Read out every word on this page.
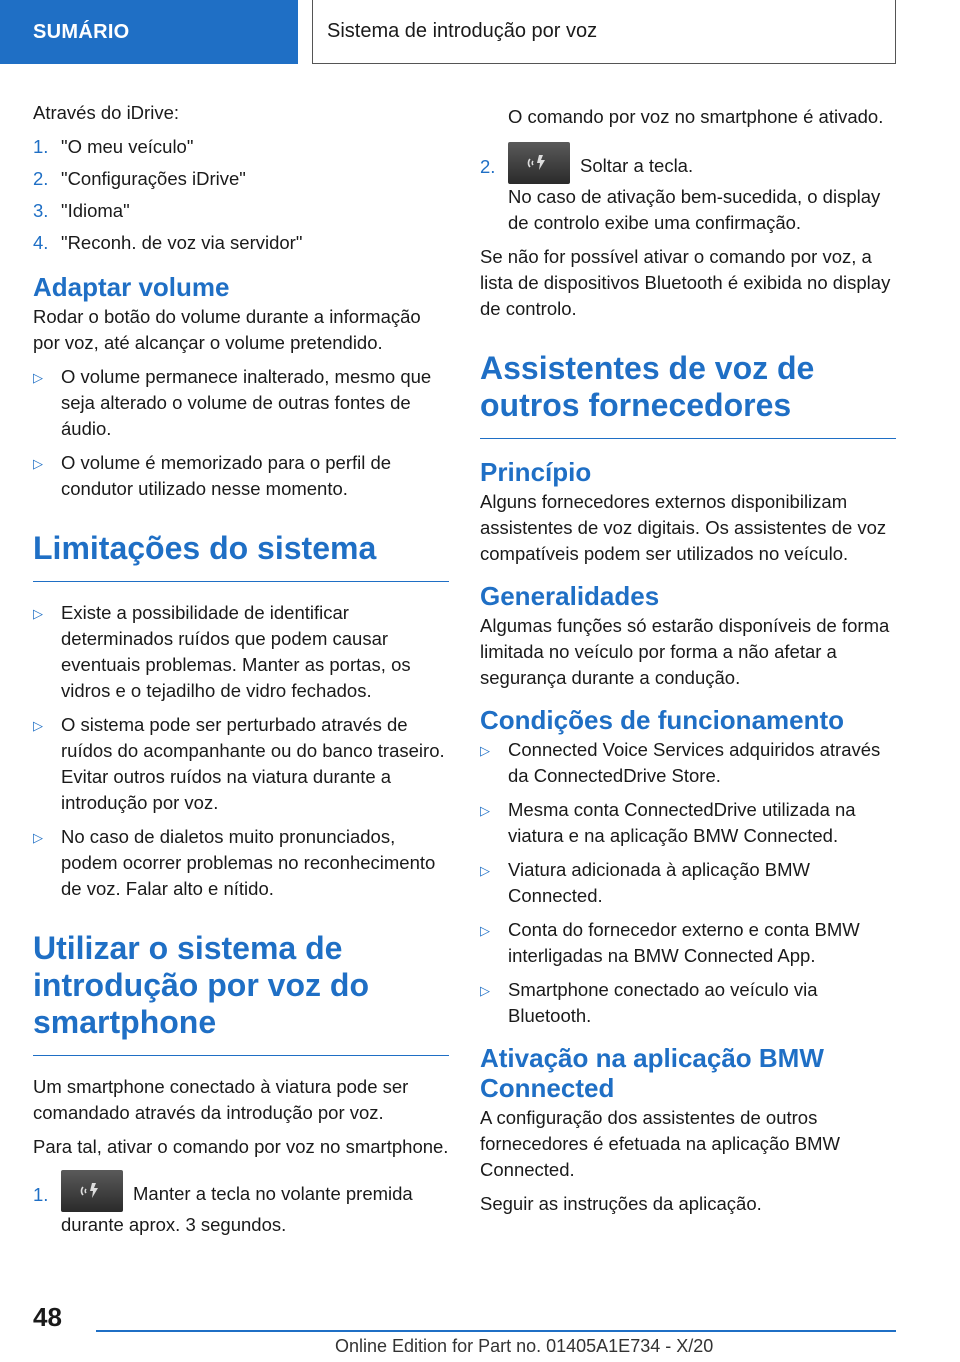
SUMÁRIO	Sistema de introdução por voz

Através do iDrive:

1. "O meu veículo"
2. "Configurações iDrive"
3. "Idioma"
4. "Reconh. de voz via servidor"
Adaptar volume

Rodar o botão do volume durante a informação por voz, até alcançar o volume pretendido.

▷ O volume permanece inalterado, mesmo que seja alterado o volume de outras fontes de áudio.
▷ O volume é memorizado para o perfil de condutor utilizado nesse momento.
Limitações do sistema
▷ Existe a possibilidade de identificar determinados ruídos que podem causar eventuais problemas. Manter as portas, os vidros e o tejadilho de vidro fechados.
▷ O sistema pode ser perturbado através de ruídos do acompanhante ou do banco traseiro. Evitar outros ruídos na viatura durante a introdução por voz.
▷ No caso de dialetos muito pronunciados, podem ocorrer problemas no reconhecimento de voz. Falar alto e nítido.
Utilizar o sistema de introdução por voz do smartphone

Um smartphone conectado à viatura pode ser comandado através da introdução por voz.

Para tal, ativar o comando por voz no smartphone.

1.	Manter a tecla no volante premida durante aprox. 3 segundos.

O comando por voz no smartphone é ativado.

2.	Soltar a tecla.

No caso de ativação bem-sucedida, o display de controlo exibe uma confirmação.

Se não for possível ativar o comando por voz, a lista de dispositivos Bluetooth é exibida no display de controlo.

Assistentes de voz de outros fornecedores
Princípio

Alguns fornecedores externos disponibilizam assistentes de voz digitais. Os assistentes de voz compatíveis podem ser utilizados no veículo.

Generalidades

Algumas funções só estarão disponíveis de forma limitada no veículo por forma a não afetar a segurança durante a condução.

Condições de funcionamento
▷ Connected Voice Services adquiridos através da ConnectedDrive Store.
▷ Mesma conta ConnectedDrive utilizada na viatura e na aplicação BMW Connected.
▷ Viatura adicionada à aplicação BMW Connected.
▷ Conta do fornecedor externo e conta BMW interligadas na BMW Connected App.
▷ Smartphone conectado ao veículo via Bluetooth.
Ativação na aplicação BMW Connected

A configuração dos assistentes de outros fornecedores é efetuada na aplicação BMW Connected.

Seguir as instruções da aplicação.

48
Online Edition for Part no. 01405A1E734 - X/20
